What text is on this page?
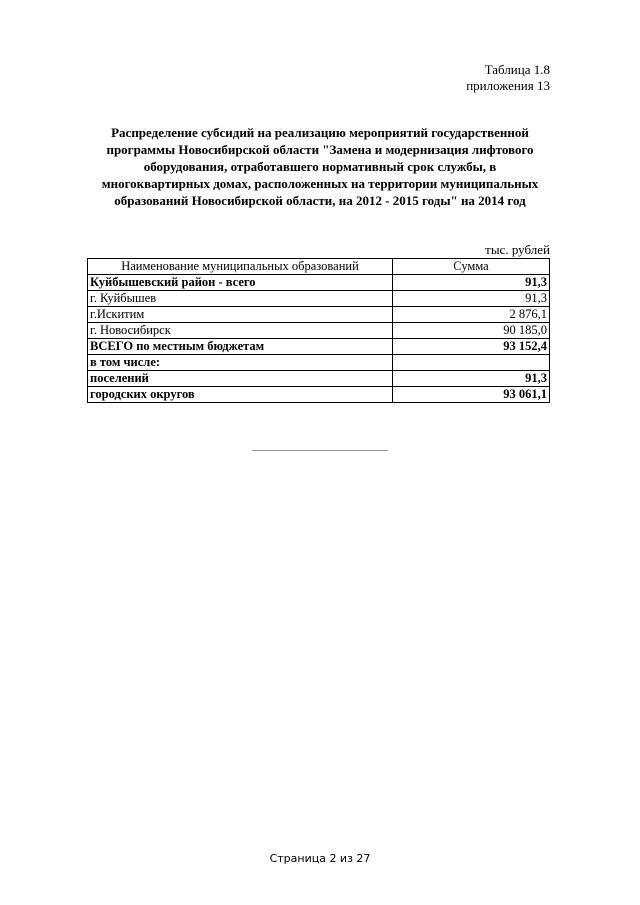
Таблица 1.8
приложения 13
Распределение субсидий на реализацию мероприятий государственной
программы Новосибирской области "Замена и модернизация лифтового
оборудования, отработавшего нормативный срок службы, в
многоквартирных домах, расположенных на территории муниципальных
образований Новосибирской области, на 2012 - 2015 годы" на 2014 год
тыс. рублей
Наименование муниципальных образований	Сумма
Куйбышевский район - всего	91,3
г. Куйбышев	91,3
г.Искитим	2 876,1
г. Новосибирск	90 185,0
ВСЕГО по местным бюджетам	93 152,4
в том числе:	
поселений	91,3
городских округов	93 061,1
Страница 2 из 27
